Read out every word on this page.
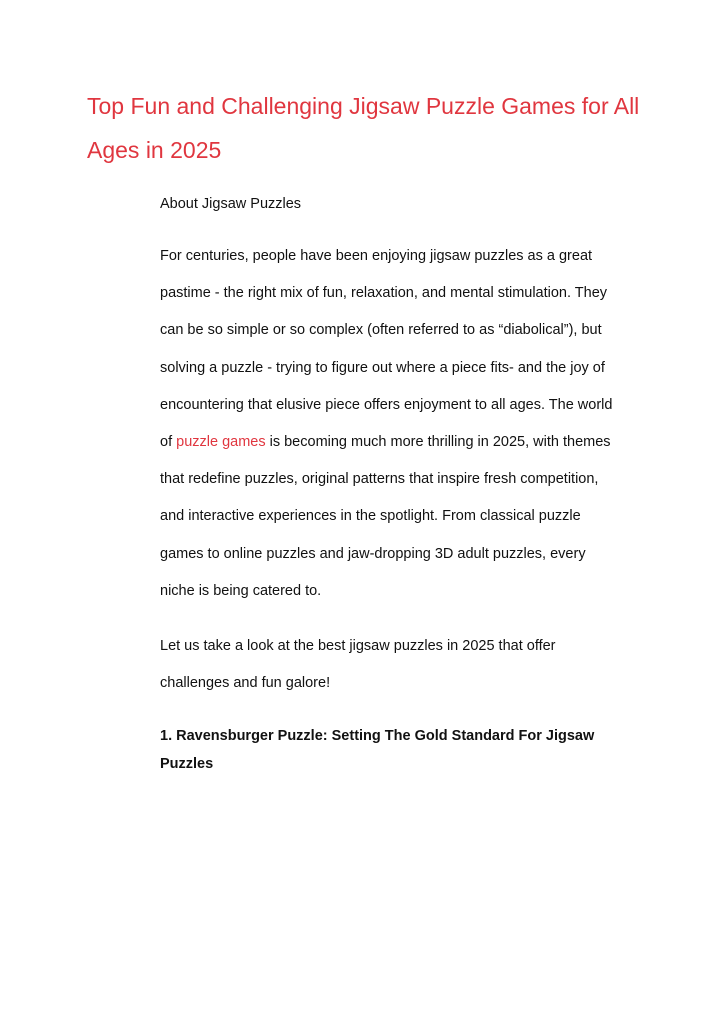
Top Fun and Challenging Jigsaw Puzzle Games for All Ages in 2025

About Jigsaw Puzzles

For centuries, people have been enjoying jigsaw puzzles as a great pastime - the right mix of fun, relaxation, and mental stimulation. They can be so simple or so complex (often referred to as “diabolical”), but solving a puzzle - trying to figure out where a piece fits- and the joy of encountering that elusive piece offers enjoyment to all ages. The world of puzzle games is becoming much more thrilling in 2025, with themes that redefine puzzles, original patterns that inspire fresh competition, and interactive experiences in the spotlight. From classical puzzle games to online puzzles and jaw-dropping 3D adult puzzles, every niche is being catered to.

Let us take a look at the best jigsaw puzzles in 2025 that offer challenges and fun galore!

1. Ravensburger Puzzle: Setting The Gold Standard For Jigsaw Puzzles
